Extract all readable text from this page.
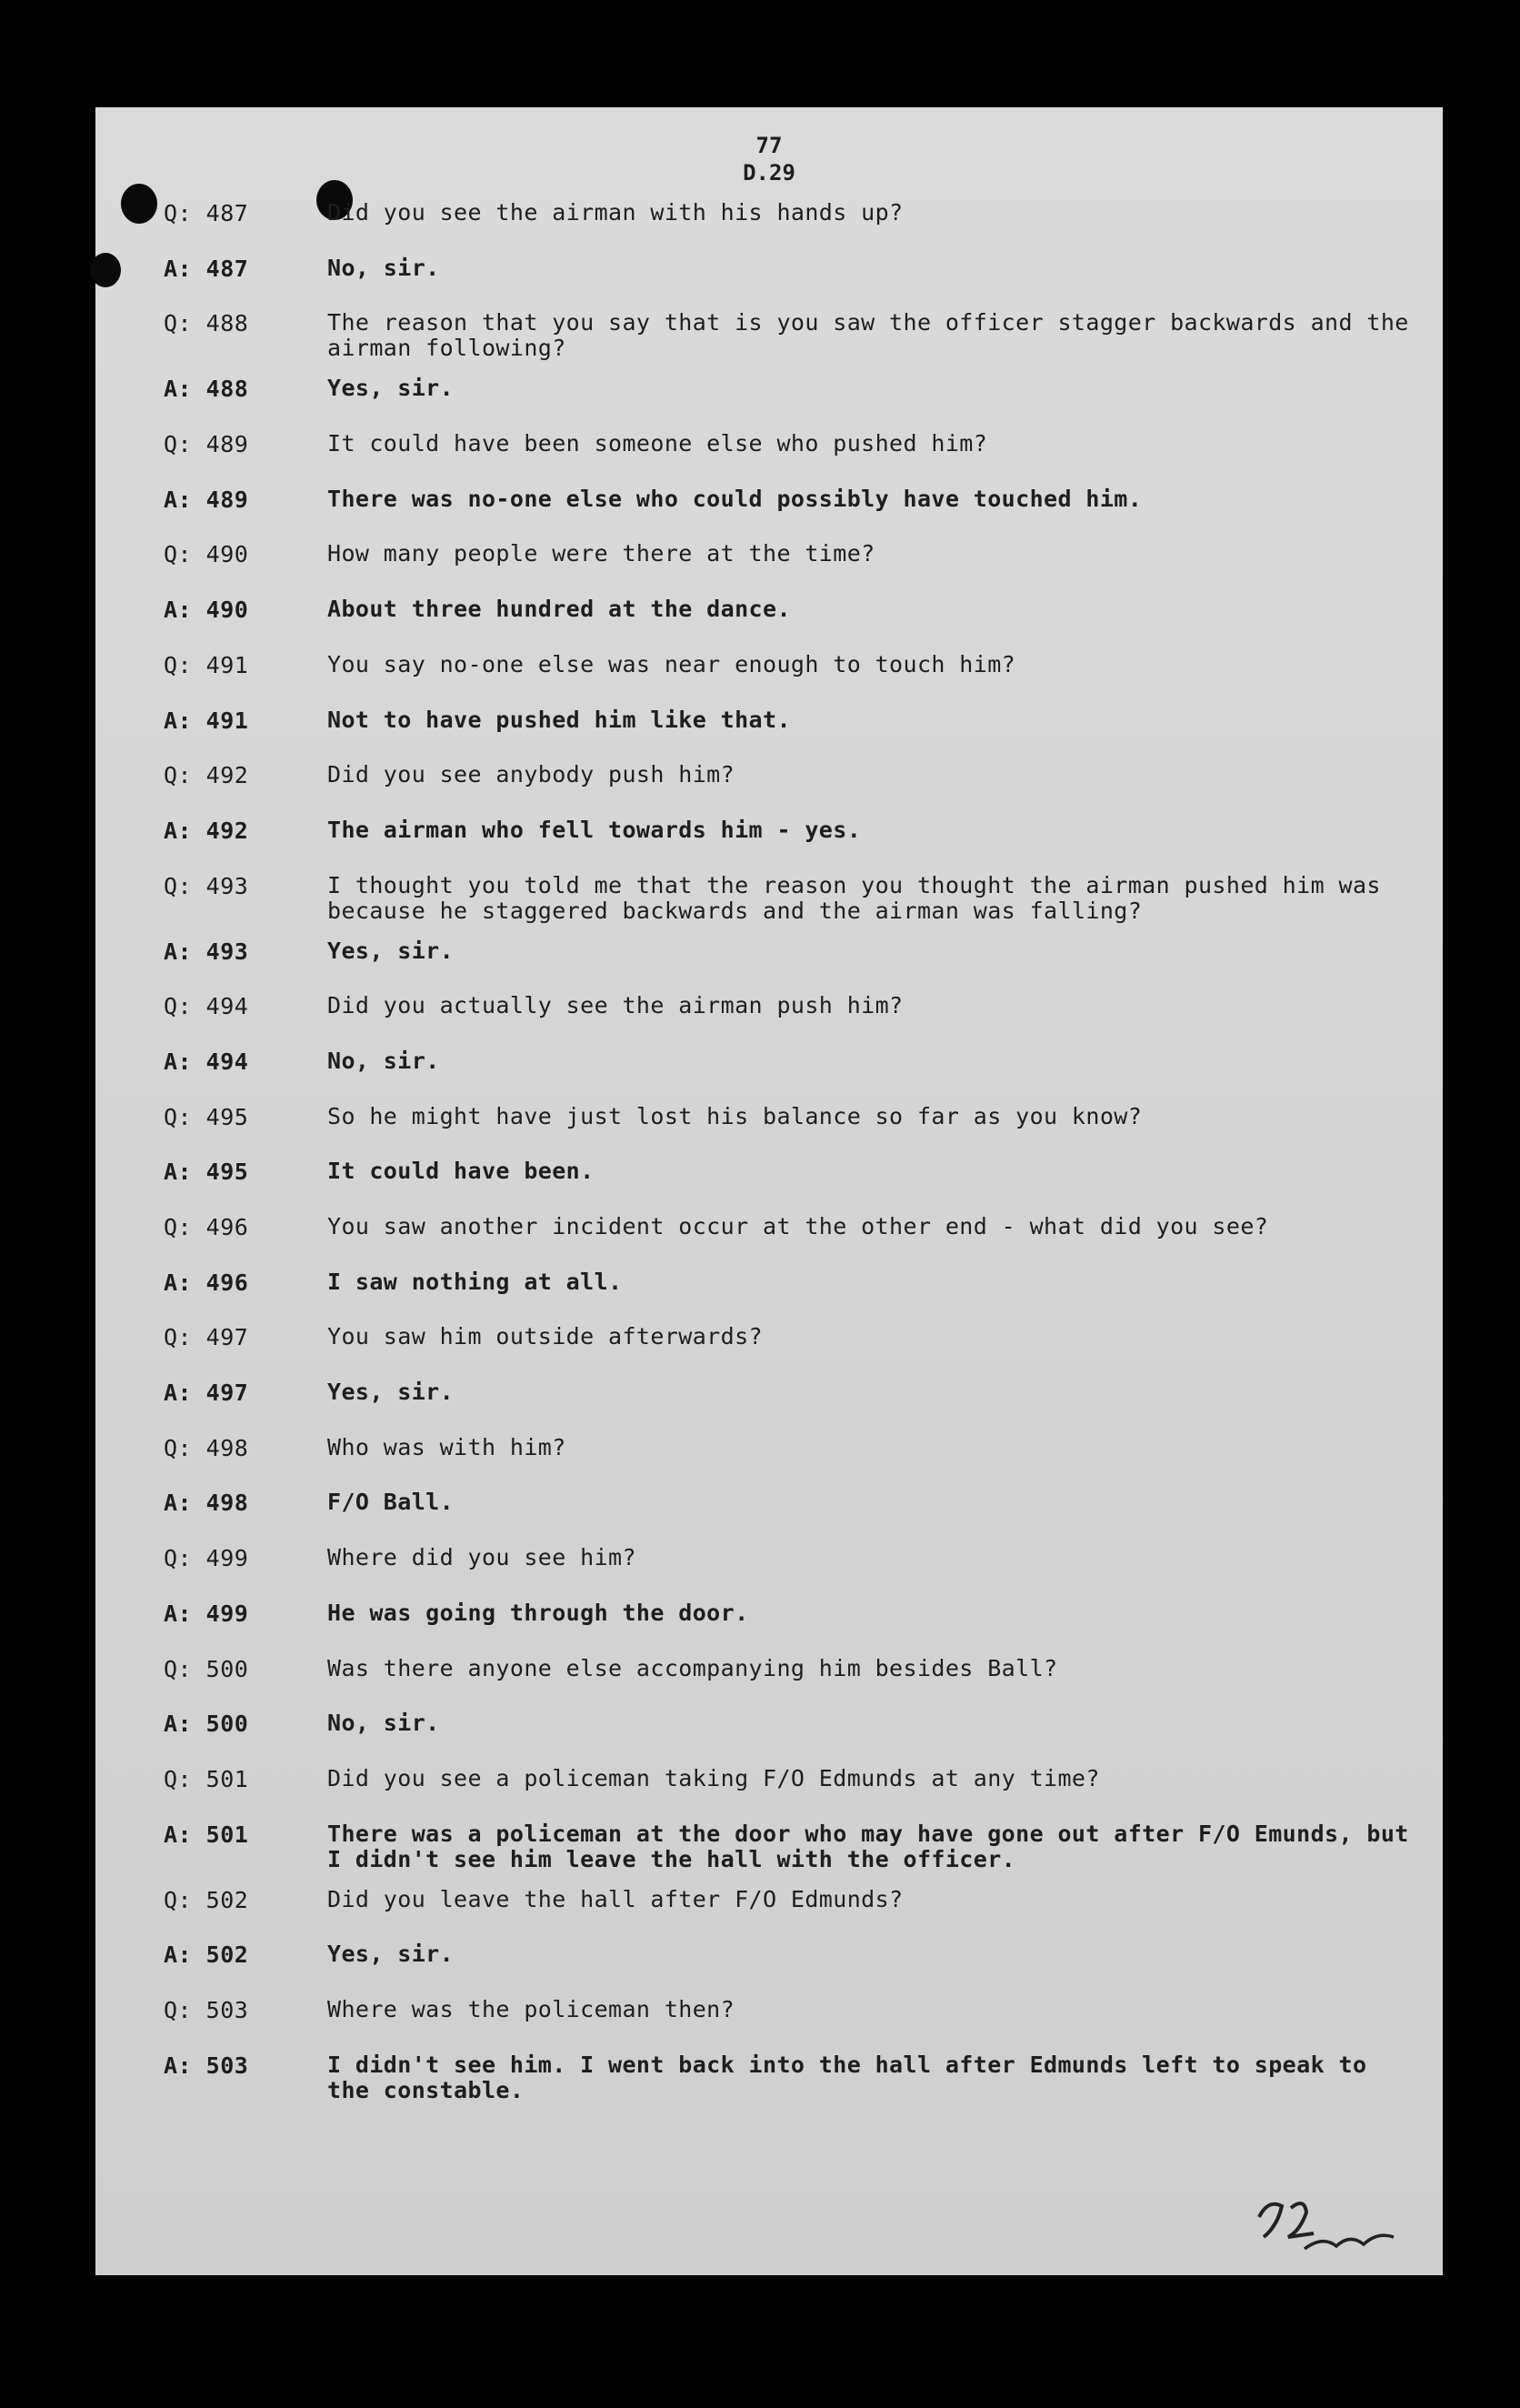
77
D.29
Q: 487	Did you see the airman with his hands up?
A: 487	No, sir.
Q: 488	The reason that you say that is you saw the officer stagger backwards and the airman following?
A: 488	Yes, sir.
Q: 489	It could have been someone else who pushed him?
A: 489	There was no-one else who could possibly have touched him.
Q: 490	How many people were there at the time?
A: 490	About three hundred at the dance.
Q: 491	You say no-one else was near enough to touch him?
A: 491	Not to have pushed him like that.
Q: 492	Did you see anybody push him?
A: 492	The airman who fell towards him - yes.
Q: 493	I thought you told me that the reason you thought the airman pushed him was because he staggered backwards and the airman was falling?
A: 493	Yes, sir.
Q: 494	Did you actually see the airman push him?
A: 494	No, sir.
Q: 495	So he might have just lost his balance so far as you know?
A: 495	It could have been.
Q: 496	You saw another incident occur at the other end - what did you see?
A: 496	I saw nothing at all.
Q: 497	You saw him outside afterwards?
A: 497	Yes, sir.
Q: 498	Who was with him?
A: 498	F/O Ball.
Q: 499	Where did you see him?
A: 499	He was going through the door.
Q: 500	Was there anyone else accompanying him besides Ball?
A: 500	No, sir.
Q: 501	Did you see a policeman taking F/O Edmunds at any time?
A: 501	There was a policeman at the door who may have gone out after F/O Emunds, but I didn't see him leave the hall with the officer.
Q: 502	Did you leave the hall after F/O Edmunds?
A: 502	Yes, sir.
Q: 503	Where was the policeman then?
A: 503	I didn't see him. I went back into the hall after Edmunds left to speak to the constable.
